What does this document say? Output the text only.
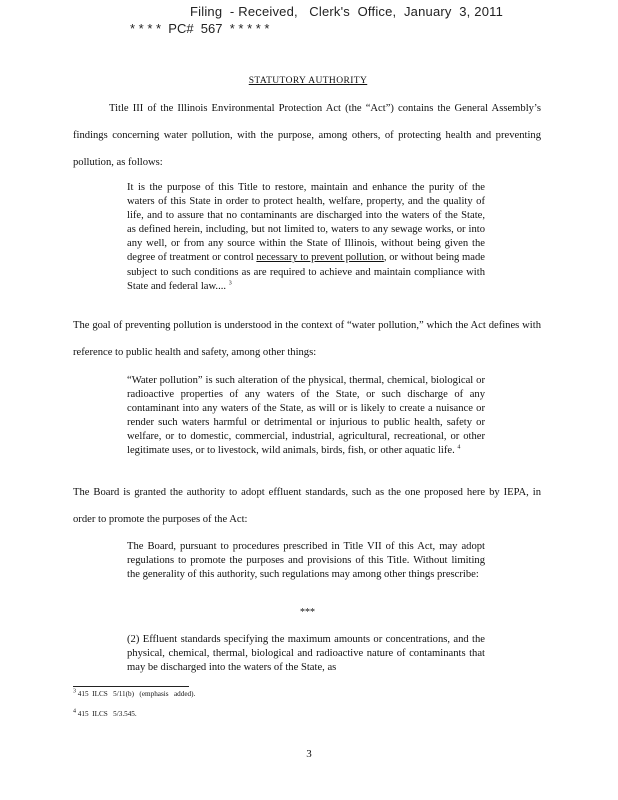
Filing  - Received,   Clerk's  Office,  January  3, 2011
* * * *  PC#  567  * * * * *
STATUTORY AUTHORITY

Title III of the Illinois Environmental Protection Act (the “Act”) contains the General Assembly’s findings concerning water pollution, with the purpose, among others, of protecting health and preventing pollution, as follows:

It is the purpose of this Title to restore, maintain and enhance the purity of the waters of this State in order to protect health, welfare, property, and the quality of life, and to assure that no contaminants are discharged into the waters of the State, as defined herein, including, but not limited to, waters to any sewage works, or into any well, or from any source within the State of Illinois, without being given the degree of treatment or control necessary to prevent pollution, or without being made subject to such conditions as are required to achieve and maintain compliance with State and federal law.... $^3$

The goal of preventing pollution is understood in the context of “water pollution,” which the Act defines with reference to public health and safety, among other things:

“Water pollution” is such alteration of the physical, thermal, chemical, biological or radioactive properties of any waters of the State, or such discharge of any contaminant into any waters of the State, as will or is likely to create a nuisance or render such waters harmful or detrimental or injurious to public health, safety or welfare, or to domestic, commercial, industrial, agricultural, recreational, or other legitimate uses, or to livestock, wild animals, birds, fish, or other aquatic life. $^4$

The Board is granted the authority to adopt effluent standards, such as the one proposed here by IEPA, in order to promote the purposes of the Act:

The Board, pursuant to procedures prescribed in Title VII of this Act, may adopt regulations to promote the purposes and provisions of this Title. Without limiting the generality of this authority, such regulations may among other things prescribe:

***

(2) Effluent standards specifying the maximum amounts or concentrations, and the physical, chemical, thermal, biological and radioactive nature of contaminants that may be discharged into the waters of the State, as

$^3$ 415  ILCS   5/11(b)   (emphasis   added).
$^4$ 415  ILCS   5/3.545.
3
